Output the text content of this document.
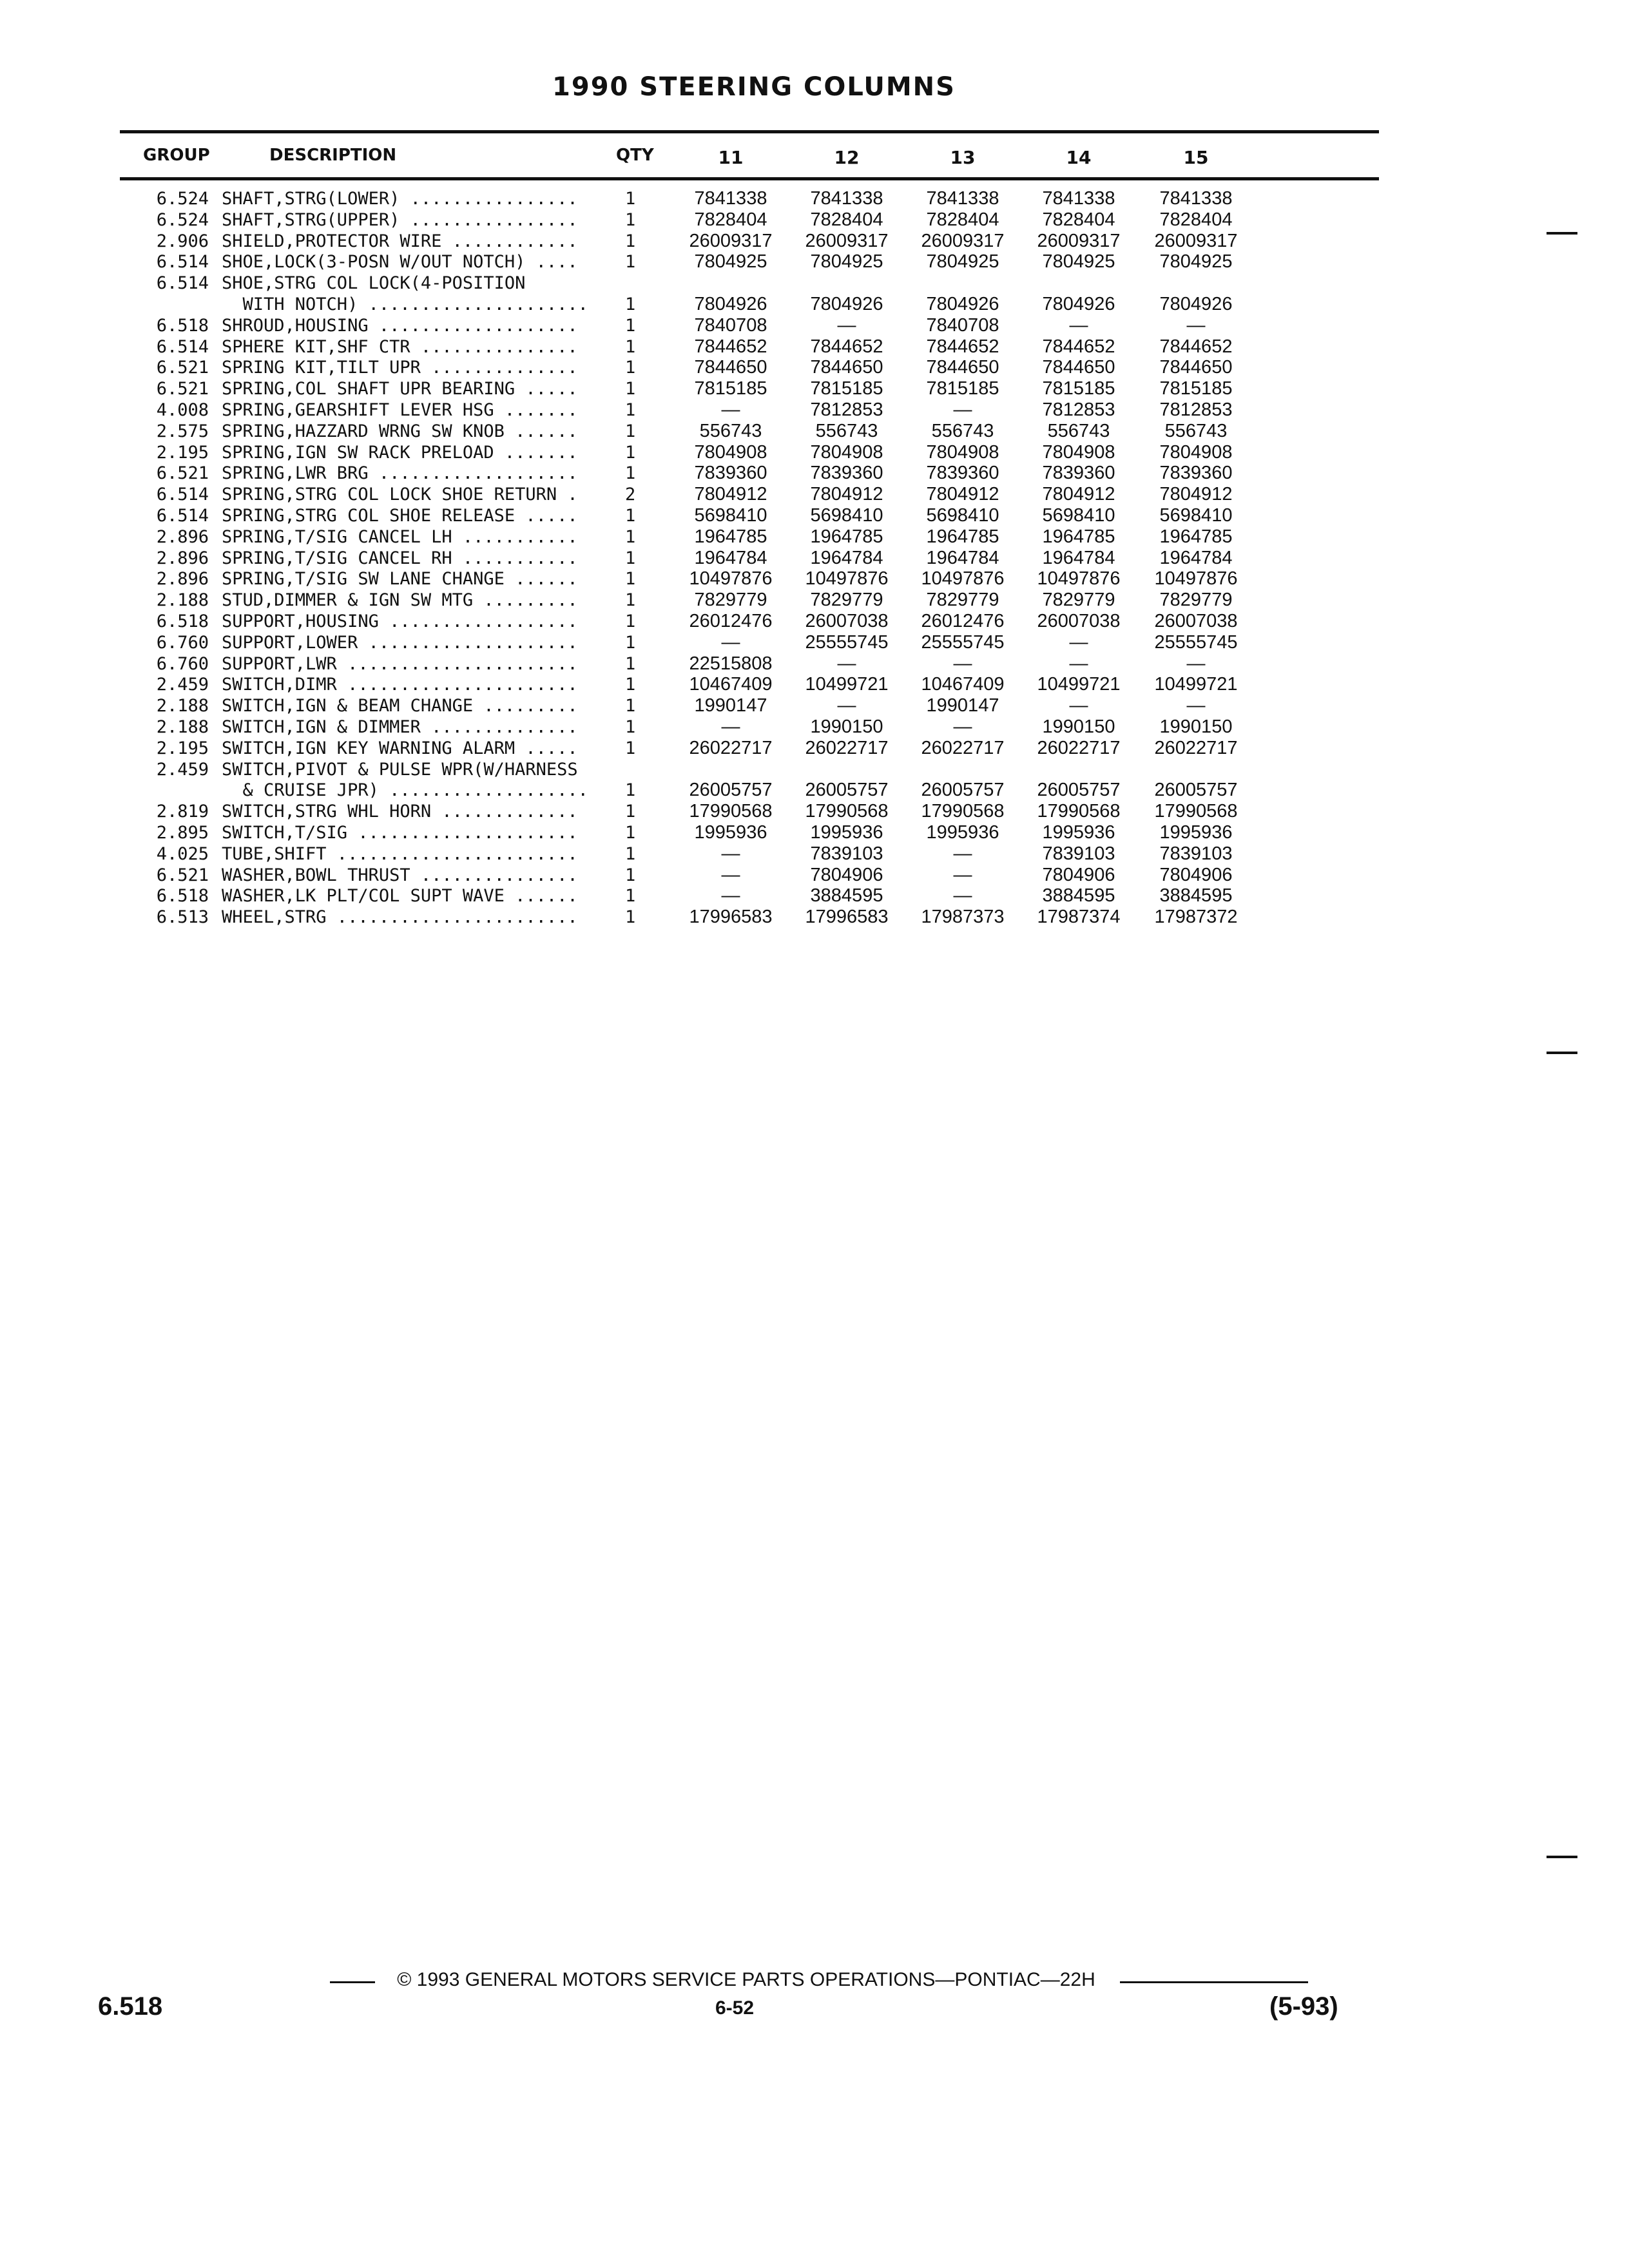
1990 STEERING COLUMNS
GROUP	DESCRIPTION	QTY	11	12	13	14	15
6.524 SHAFT,STRG(LOWER) ................	1	7841338	7841338	7841338	7841338	7841338
6.524 SHAFT,STRG(UPPER) ................	1	7828404	7828404	7828404	7828404	7828404
2.906 SHIELD,PROTECTOR WIRE ............	1	26009317	26009317	26009317	26009317	26009317
6.514 SHOE,LOCK(3-POSN W/OUT NOTCH) ....	1	7804925	7804925	7804925	7804925	7804925
6.514 SHOE,STRG COL LOCK(4-POSITION
WITH NOTCH) ..................... 1	7804926	7804926	7804926	7804926	7804926
6.518 SHROUD,HOUSING ...................	1	7840708	—	7840708	—	—
6.514 SPHERE KIT,SHF CTR ...............	1	7844652	7844652	7844652	7844652	7844652
6.521 SPRING KIT,TILT UPR ..............	1	7844650	7844650	7844650	7844650	7844650
6.521 SPRING,COL SHAFT UPR BEARING .....	1	7815185	7815185	7815185	7815185	7815185
4.008 SPRING,GEARSHIFT LEVER HSG .......	1	—	7812853	—	7812853	7812853
2.575 SPRING,HAZZARD WRNG SW KNOB ......	1	556743	556743	556743	556743	556743
2.195 SPRING,IGN SW RACK PRELOAD .......	1	7804908	7804908	7804908	7804908	7804908
6.521 SPRING,LWR BRG ...................	1	7839360	7839360	7839360	7839360	7839360
6.514 SPRING,STRG COL LOCK SHOE RETURN .	2	7804912	7804912	7804912	7804912	7804912
6.514 SPRING,STRG COL SHOE RELEASE .....	1	5698410	5698410	5698410	5698410	5698410
2.896 SPRING,T/SIG CANCEL LH ...........	1	1964785	1964785	1964785	1964785	1964785
2.896 SPRING,T/SIG CANCEL RH ...........	1	1964784	1964784	1964784	1964784	1964784
2.896 SPRING,T/SIG SW LANE CHANGE ......	1	10497876	10497876	10497876	10497876	10497876
2.188 STUD,DIMMER & IGN SW MTG .........	1	7829779	7829779	7829779	7829779	7829779
6.518 SUPPORT,HOUSING ..................	1	26012476	26007038	26012476	26007038	26007038
6.760 SUPPORT,LOWER ....................	1	—	25555745	25555745	—	25555745
6.760 SUPPORT,LWR ......................	1	22515808	—	—	—	—
2.459 SWITCH,DIMR ......................	1	10467409	10499721	10467409	10499721	10499721
2.188 SWITCH,IGN & BEAM CHANGE .........	1	1990147	—	1990147	—	—
2.188 SWITCH,IGN & DIMMER ..............	1	—	1990150	—	1990150	1990150
2.195 SWITCH,IGN KEY WARNING ALARM .....	1	26022717	26022717	26022717	26022717	26022717
2.459 SWITCH,PIVOT & PULSE WPR(W/HARNESS
& CRUISE JPR) ................... 1	26005757	26005757	26005757	26005757	26005757
2.819 SWITCH,STRG WHL HORN .............	1	17990568	17990568	17990568	17990568	17990568
2.895 SWITCH,T/SIG .....................	1	1995936	1995936	1995936	1995936	1995936
4.025 TUBE,SHIFT .......................	1	—	7839103	—	7839103	7839103
6.521 WASHER,BOWL THRUST ...............	1	—	7804906	—	7804906	7804906
6.518 WASHER,LK PLT/COL SUPT WAVE ......	1	—	3884595	—	3884595	3884595
6.513 WHEEL,STRG .......................	1	17996583	17996583	17987373	17987374	17987372
© 1993 GENERAL MOTORS SERVICE PARTS OPERATIONS—PONTIAC—22H
6.518	6-52	(5-93)
